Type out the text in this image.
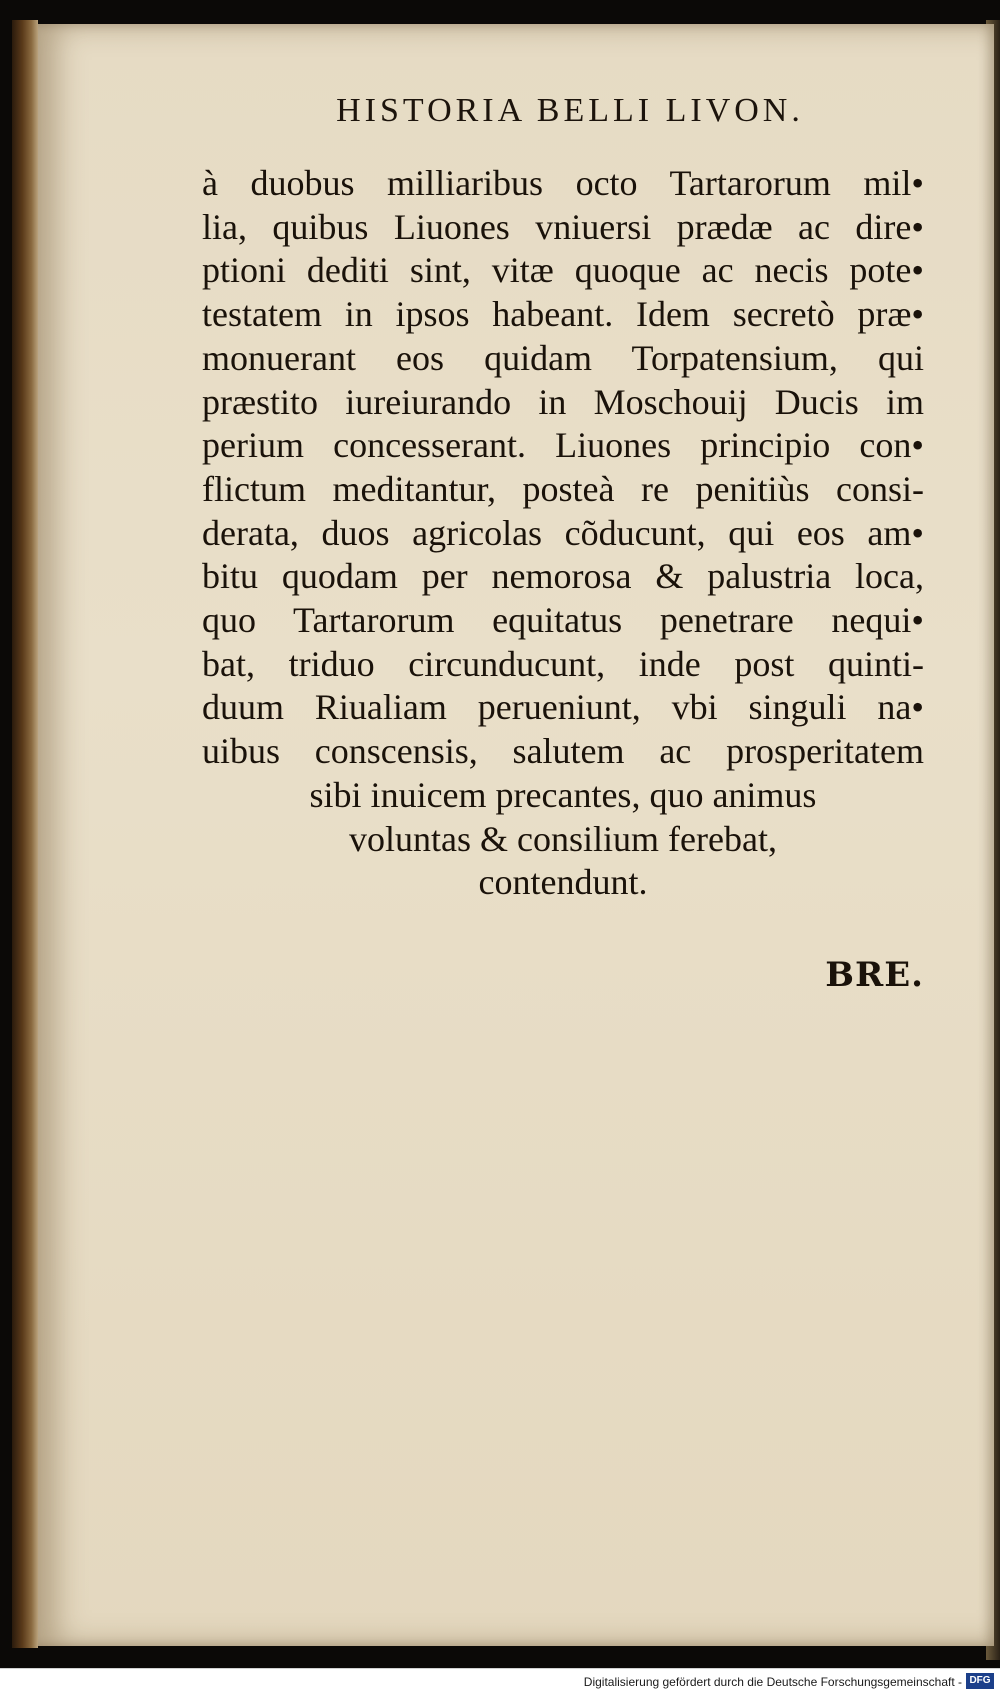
HISTORIA BELLI LIVON.
à duobus milliaribus octo Tartarorum mil•
lia, quibus Liuones vniuersi prædæ ac dire•
ptioni dediti sint, vitæ quoque ac necis pote•
testatem in ipsos habeant. Idem secretò præ•
monuerant eos quidam Torpatensium, qui
præstito iureiurando in Moschouij Ducis im
perium concesserant. Liuones principio con•
flictum meditantur, posteà re penitiùs consi-
derata, duos agricolas cõducunt, qui eos am•
bitu quodam per nemorosa & palustria loca,
quo Tartarorum equitatus penetrare nequi•
bat, triduo circunducunt, inde post quinti-
duum Riualiam perueniunt, vbi singuli na•
uibus conscensis, salutem ac prosperitatem
sibi inuicem precantes, quo animus
voluntas & consilium ferebat,
contendunt.
BRE.
Digitalisierung gefördert durch die Deutsche Forschungsgemeinschaft - DFG
